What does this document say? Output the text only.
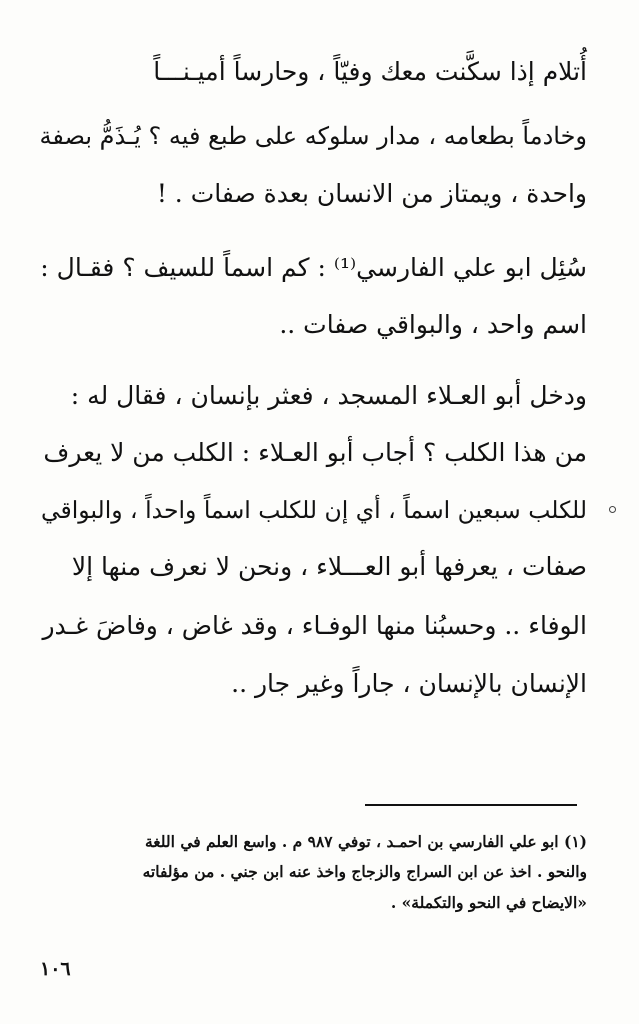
أُتلام إذا سكَّنت معك وفيّاً ، وحارساً أميـنـــاً
وخادماً بطعامه ، مدار سلوكه على طبع فيه ؟ يُـذَمُّ بصفة
واحدة ، ويمتاز من الانسان بعدة صفات . !
سُئِل ابو علي الفارسي⁽¹⁾ : كم اسماً للسيف ؟ فقـال :
اسم واحد ، والبواقي صفات ..
ودخل أبو العـلاء المسجد ، فعثر بإنسان ، فقال له :
من هذا الكلب ؟ أجاب أبو العـلاء : الكلب من لا يعرف
للكلب سبعين اسماً ، أي إن للكلب اسماً واحداً ، والبواقي
صفات ، يعرفها أبو العـــلاء ، ونحن لا نعرف منها إلا
الوفاء .. وحسبُنا منها الوفـاء ، وقد غاض ، وفاضَ غـدر
الإنسان بالإنسان ، جاراً وغير جار ..
(١) ابو علي الفارسي بن احمـد ، توفي ٩٨٧ م . واسع العلم في اللغة
والنحو . اخذ عن ابن السراج والزجاج واخذ عنه ابن جني . من مؤلفاته
«الايضاح في النحو والتكملة» .
١٠٦
